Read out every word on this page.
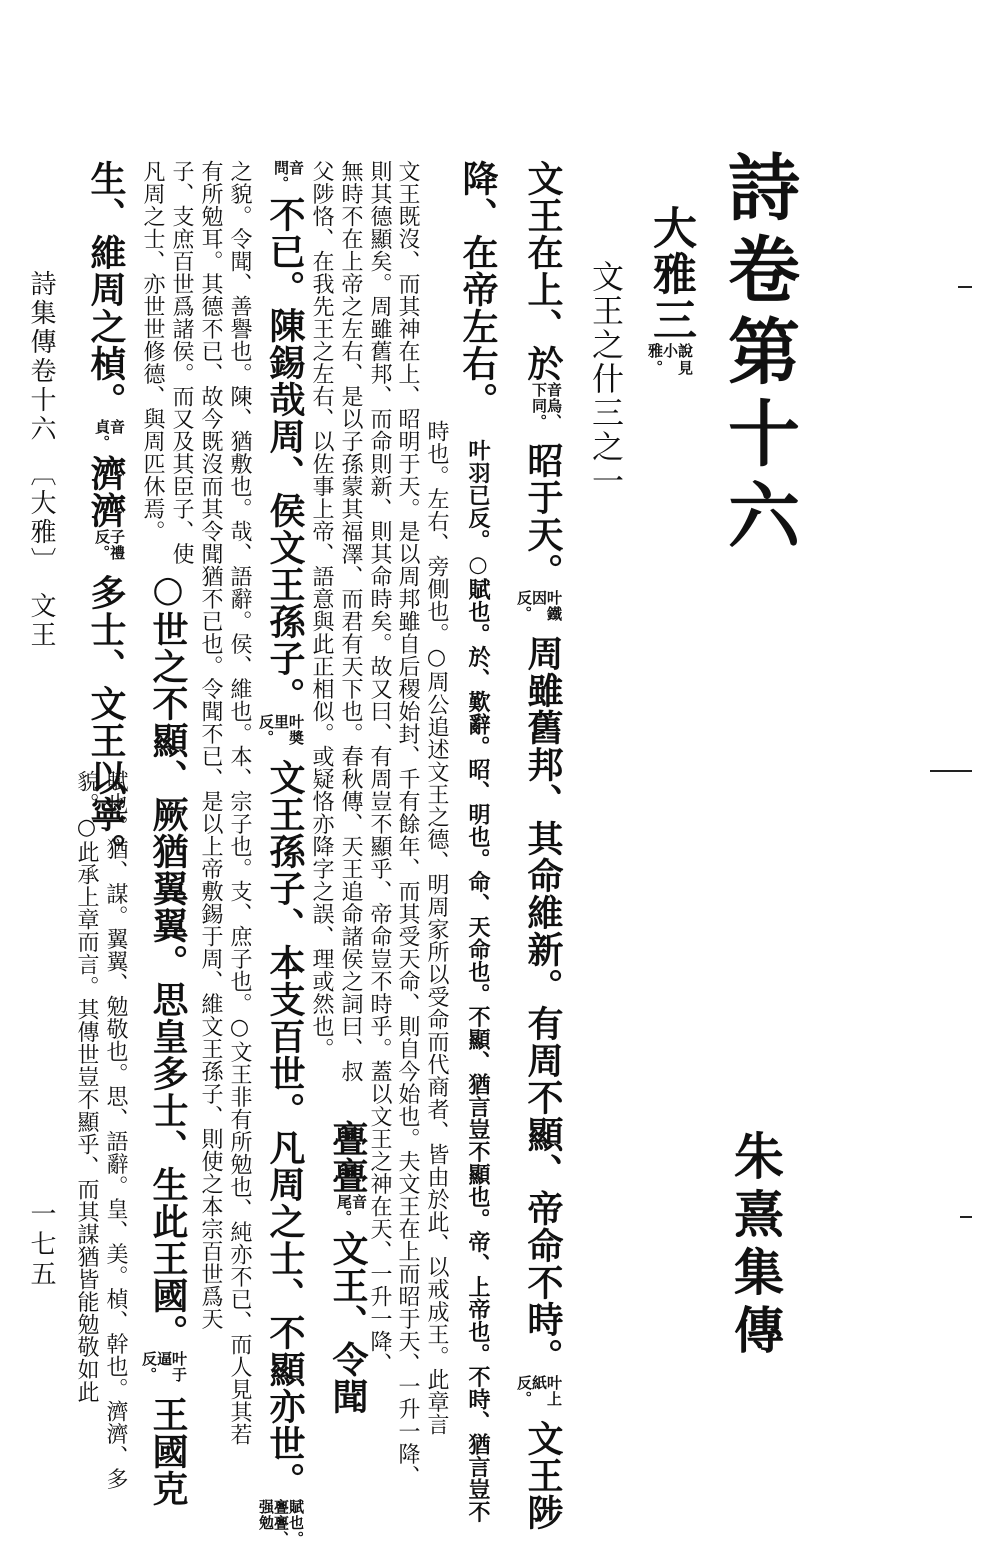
詩卷第十六
朱熹集傳
大雅三說見小雅。
文王之什三之一
文王在上、於音烏、下同。昭于天。叶鐵因反。周雖舊邦、其命維新。有周不顯、帝命不時。叶上紙反。文王陟
降、在帝左右。叶羽已反。○賦也。於、歎辭。昭、明也。命、天命也。不顯、猶言豈不顯也。帝、上帝也。不時、猶言豈不
時也。左右、旁側也。○周公追述文王之德、明周家所以受命而代商者、皆由於此、以戒成王。此章言
文王既沒、而其神在上、昭明于天。是以周邦雖自后稷始封、千有餘年、而其受天命、則自今始也。夫文王在上而昭于天、一升一降、
則其德顯矣。周雖舊邦、而命則新、則其命時矣。故又曰、有周豈不顯乎、帝命豈不時乎。蓋以文王之神在天、一升一降、
無時不在上帝之左右、是以子孫蒙其福澤、而君有天下也。春秋傳、天王追命諸侯之詞曰、叔
父陟恪、在我先王之左右、以佐事上帝、語意與此正相似。或疑恪亦降字之誤、理或然也。
音問。不已。陳錫哉周、侯文王孫子。叶奬里反。文王孫子、本支百世。凡周之士、不顯亦世。賦也。亹亹、强勉
亹亹音尾。文王、令聞
之貌。令聞、善譽也。陳、猶敷也。哉、語辭。侯、維也。本、宗子也。支、庶子也。○文王非有所勉也、純亦不已、而人見其若
有所勉耳。其德不已、故今既沒而其令聞猶不已也。令聞不已、是以上帝敷錫于周、維文王孫子、則使之本宗百世爲天
子、支庶百世爲諸侯。而又及其臣子、使
凡周之士、亦世世修德、與周匹休焉。
○世之不顯、厥猶翼翼。思皇多士、生此王國。叶于逼反。王國克
生、維周之楨。音貞。濟濟子禮反。多士、文王以寧。
賦也。猶、謀。翼翼、勉敬也。思、語辭。皇、美。楨、幹也。濟濟、多
貌。○此承上章而言。其傳世豈不顯乎、而其謀猶皆能勉敬如此
詩集傳卷十六　〔大雅〕　文王
一七五
